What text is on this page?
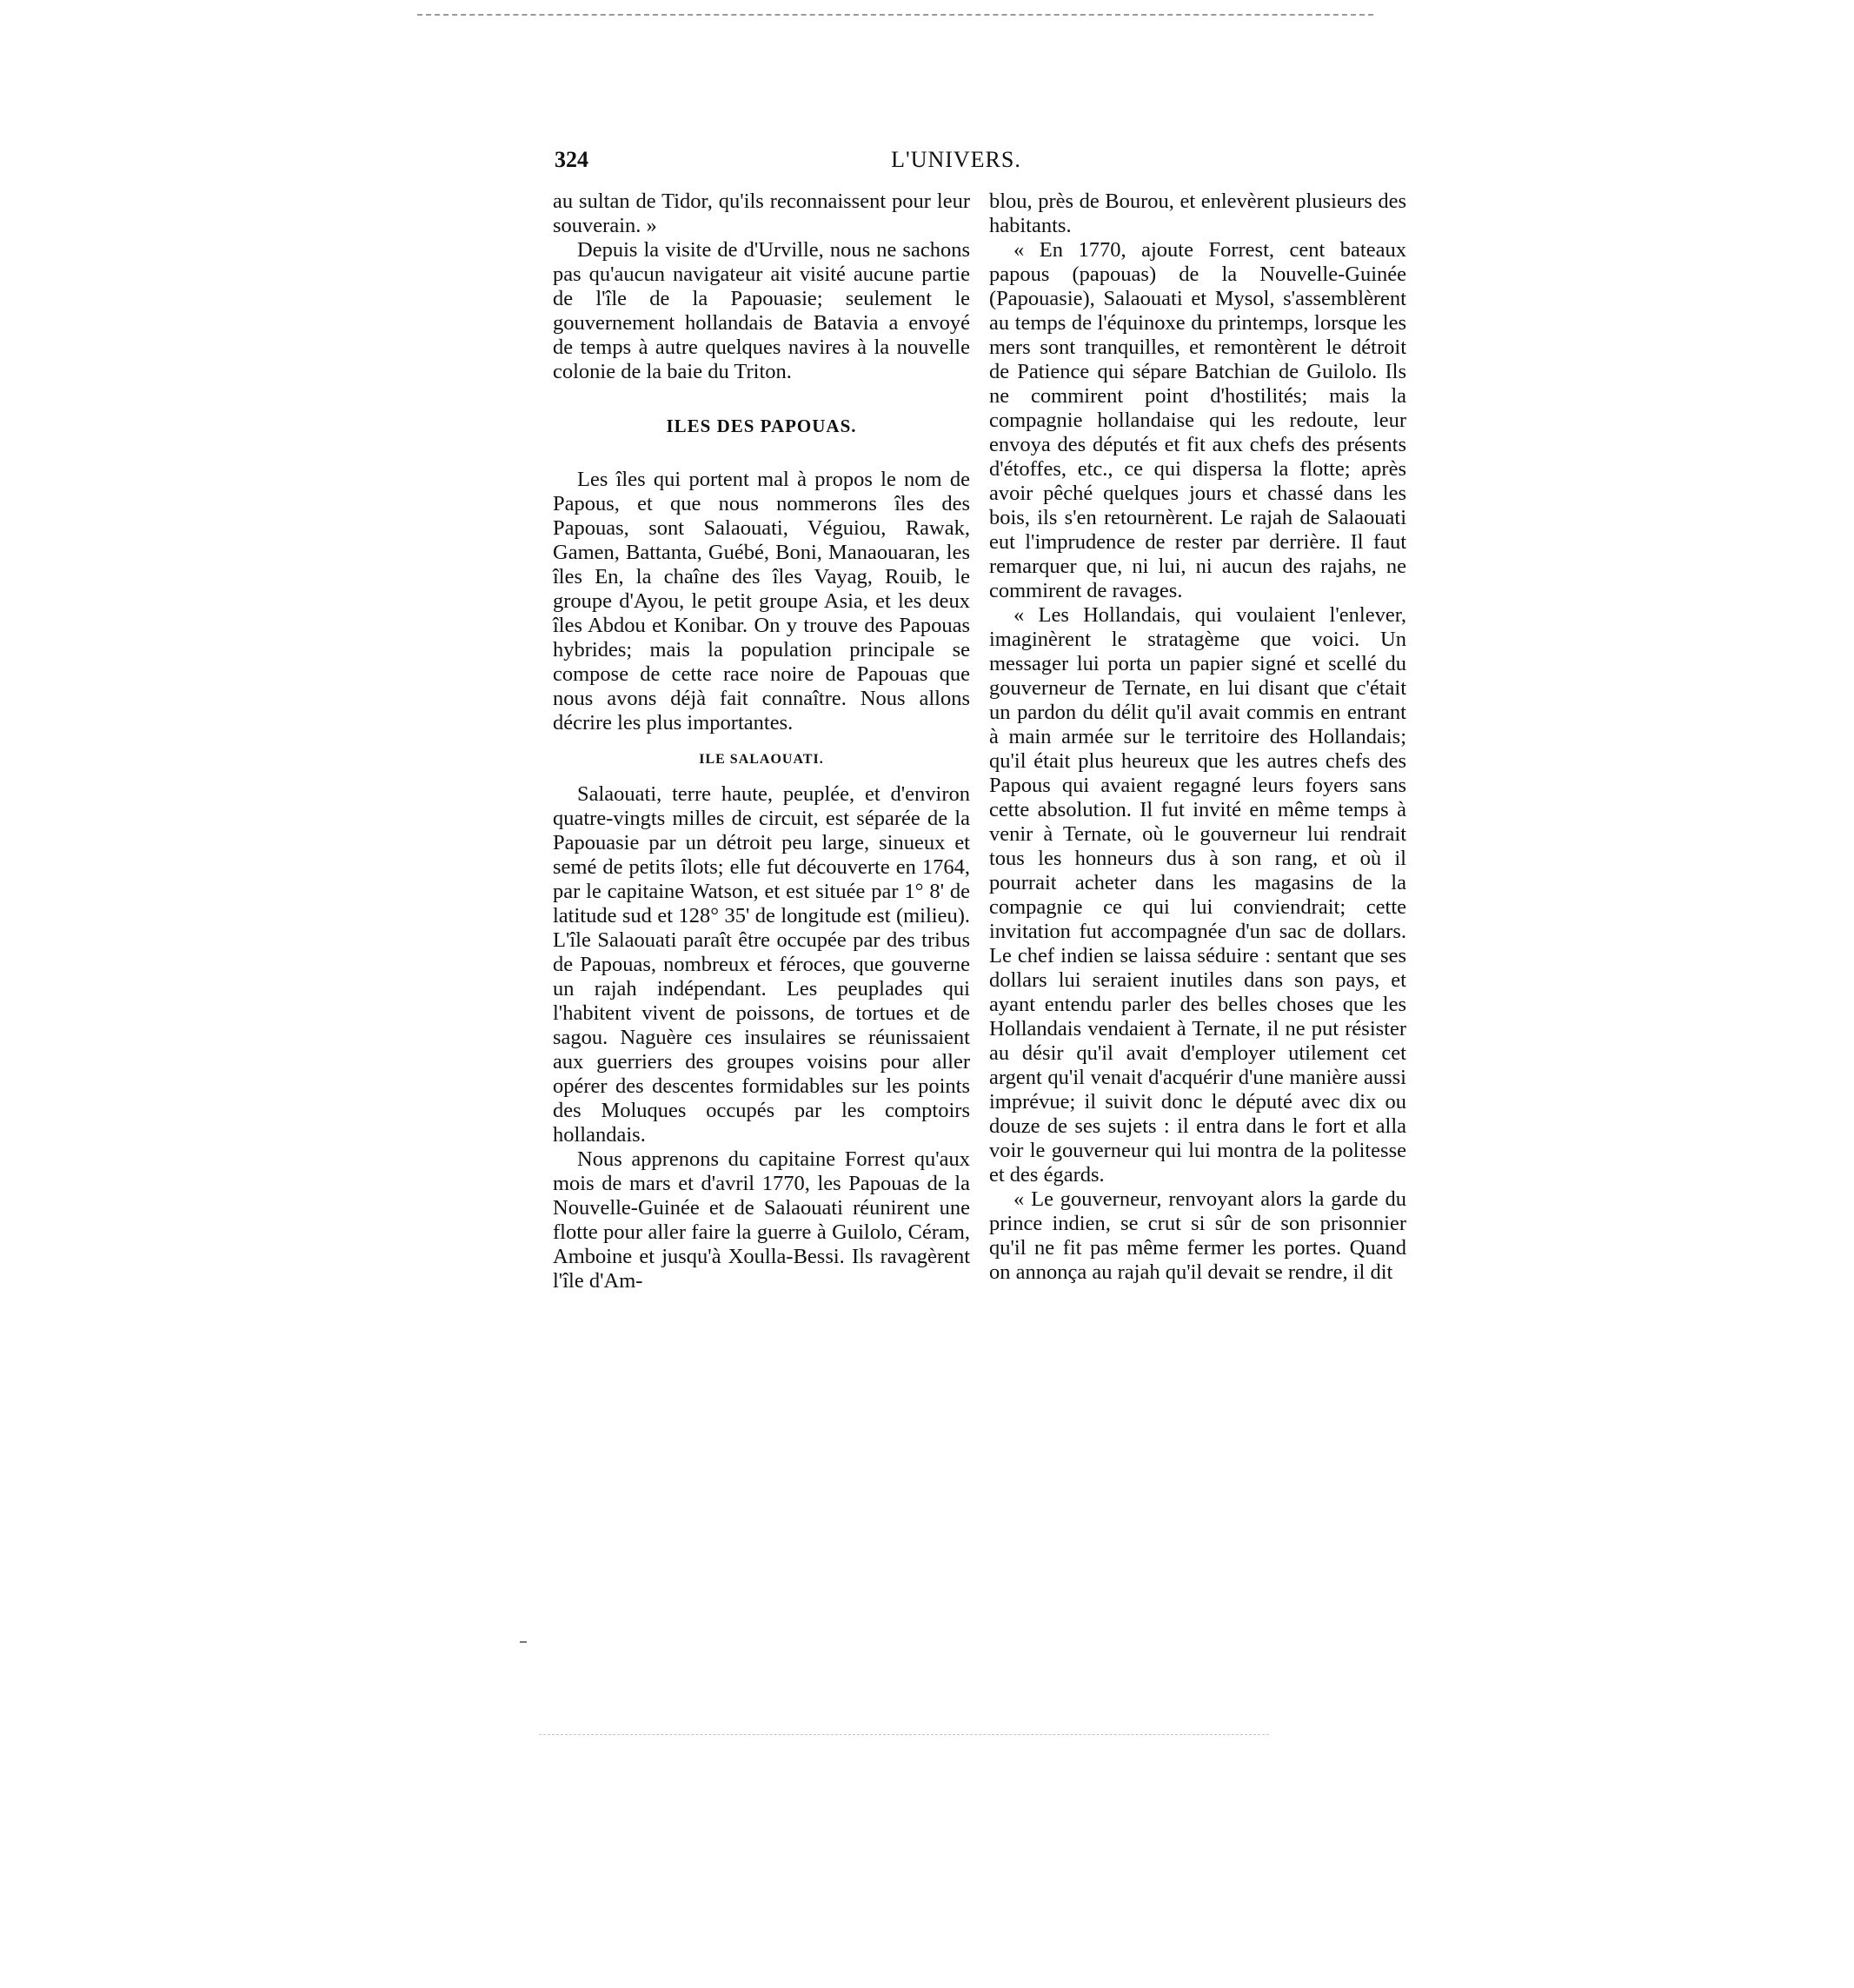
324	L'UNIVERS.

au sultan de Tidor, qu'ils reconnaissent pour leur souverain. »

Depuis la visite de d'Urville, nous ne sachons pas qu'aucun navigateur ait visité aucune partie de l'île de la Papouasie; seulement le gouvernement hollandais de Batavia a envoyé de temps à autre quelques navires à la nouvelle colonie de la baie du Triton.

ILES DES PAPOUAS.

Les îles qui portent mal à propos le nom de Papous, et que nous nommerons îles des Papouas, sont Salaouati, Véguiou, Rawak, Gamen, Battanta, Guébé, Boni, Manaouaran, les îles En, la chaîne des îles Vayag, Rouib, le groupe d'Ayou, le petit groupe Asia, et les deux îles Abdou et Konibar. On y trouve des Papouas hybrides; mais la population principale se compose de cette race noire de Papouas que nous avons déjà fait connaître. Nous allons décrire les plus importantes.

ILE SALAOUATI.

Salaouati, terre haute, peuplée, et d'environ quatre-vingts milles de circuit, est séparée de la Papouasie par un détroit peu large, sinueux et semé de petits îlots; elle fut découverte en 1764, par le capitaine Watson, et est située par 1° 8' de latitude sud et 128° 35' de longitude est (milieu). L'île Salaouati paraît être occupée par des tribus de Papouas, nombreux et féroces, que gouverne un rajah indépendant. Les peuplades qui l'habitent vivent de poissons, de tortues et de sagou. Naguère ces insulaires se réunissaient aux guerriers des groupes voisins pour aller opérer des descentes formidables sur les points des Moluques occupés par les comptoirs hollandais.

Nous apprenons du capitaine Forrest qu'aux mois de mars et d'avril 1770, les Papouas de la Nouvelle-Guinée et de Salaouati réunirent une flotte pour aller faire la guerre à Guilolo, Céram, Amboine et jusqu'à Xoulla-Bessi. Ils ravagèrent l'île d'Am-

blou, près de Bourou, et enlevèrent plusieurs des habitants.

« En 1770, ajoute Forrest, cent bateaux papous (papouas) de la Nouvelle-Guinée (Papouasie), Salaouati et Mysol, s'assemblèrent au temps de l'équinoxe du printemps, lorsque les mers sont tranquilles, et remontèrent le détroit de Patience qui sépare Batchian de Guilolo. Ils ne commirent point d'hostilités; mais la compagnie hollandaise qui les redoute, leur envoya des députés et fit aux chefs des présents d'étoffes, etc., ce qui dispersa la flotte; après avoir pêché quelques jours et chassé dans les bois, ils s'en retournèrent. Le rajah de Salaouati eut l'imprudence de rester par derrière. Il faut remarquer que, ni lui, ni aucun des rajahs, ne commirent de ravages.

« Les Hollandais, qui voulaient l'enlever, imaginèrent le stratagème que voici. Un messager lui porta un papier signé et scellé du gouverneur de Ternate, en lui disant que c'était un pardon du délit qu'il avait commis en entrant à main armée sur le territoire des Hollandais; qu'il était plus heureux que les autres chefs des Papous qui avaient regagné leurs foyers sans cette absolution. Il fut invité en même temps à venir à Ternate, où le gouverneur lui rendrait tous les honneurs dus à son rang, et où il pourrait acheter dans les magasins de la compagnie ce qui lui conviendrait; cette invitation fut accompagnée d'un sac de dollars. Le chef indien se laissa séduire : sentant que ses dollars lui seraient inutiles dans son pays, et ayant entendu parler des belles choses que les Hollandais vendaient à Ternate, il ne put résister au désir qu'il avait d'employer utilement cet argent qu'il venait d'acquérir d'une manière aussi imprévue; il suivit donc le député avec dix ou douze de ses sujets : il entra dans le fort et alla voir le gouverneur qui lui montra de la politesse et des égards.

« Le gouverneur, renvoyant alors la garde du prince indien, se crut si sûr de son prisonnier qu'il ne fit pas même fermer les portes. Quand on annonça au rajah qu'il devait se rendre, il dit
